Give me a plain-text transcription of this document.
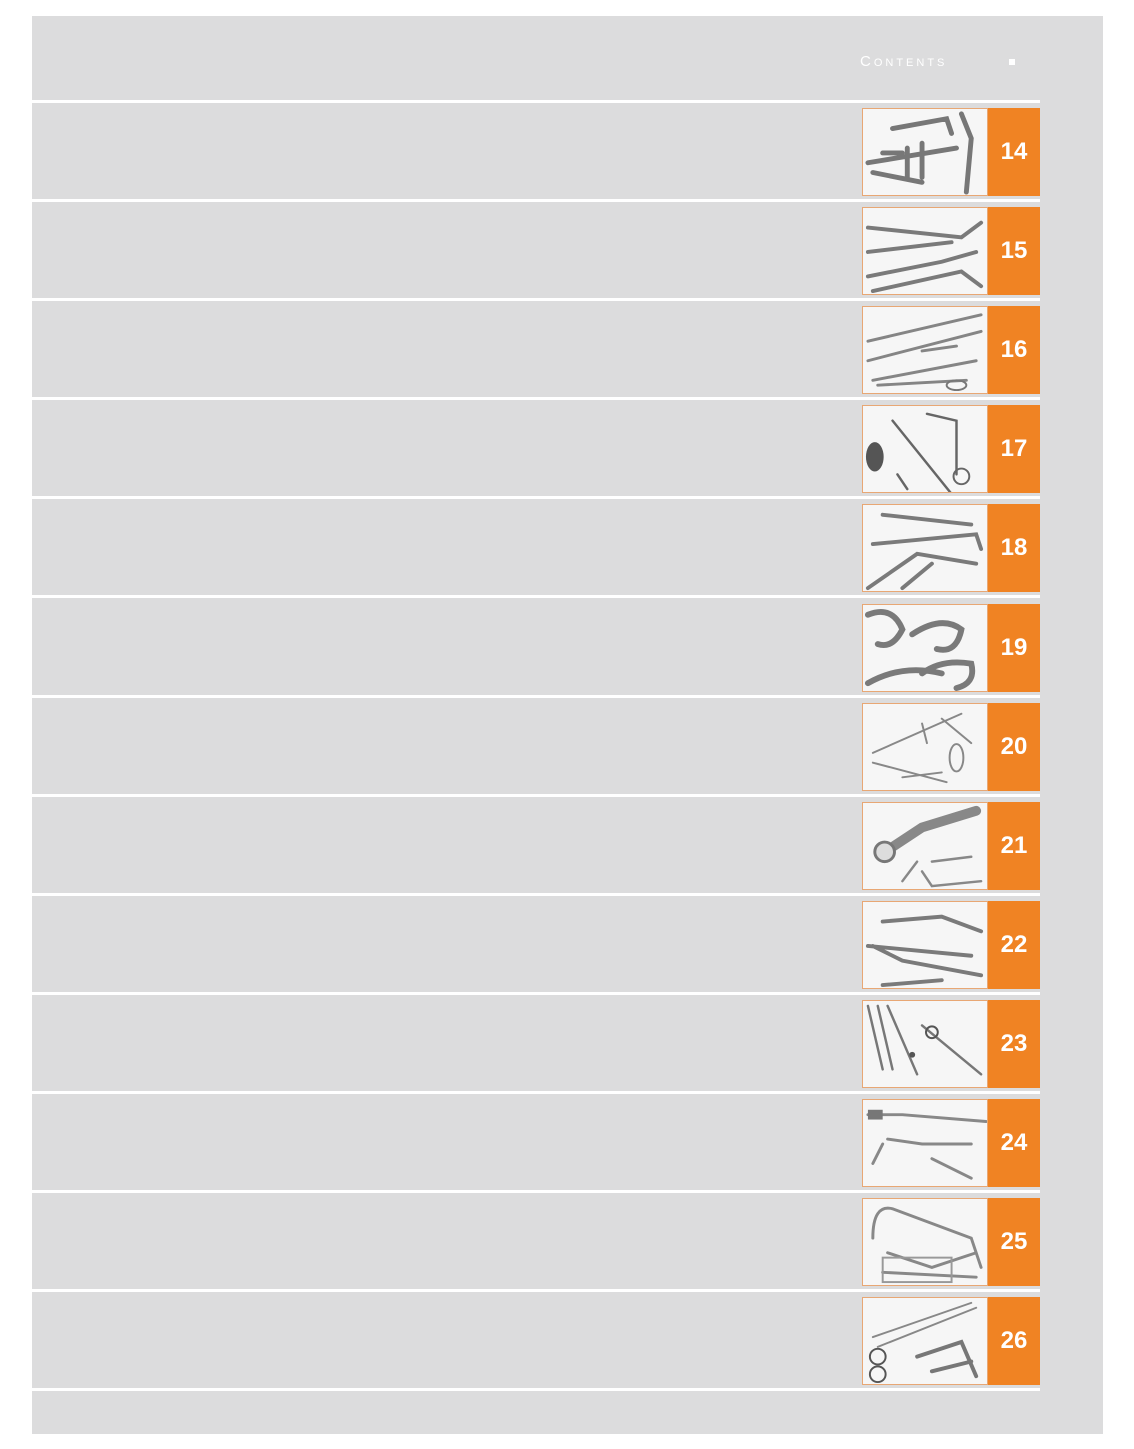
Contents
14
15
16
17
18
19
20
21
22
23
24
25
26
